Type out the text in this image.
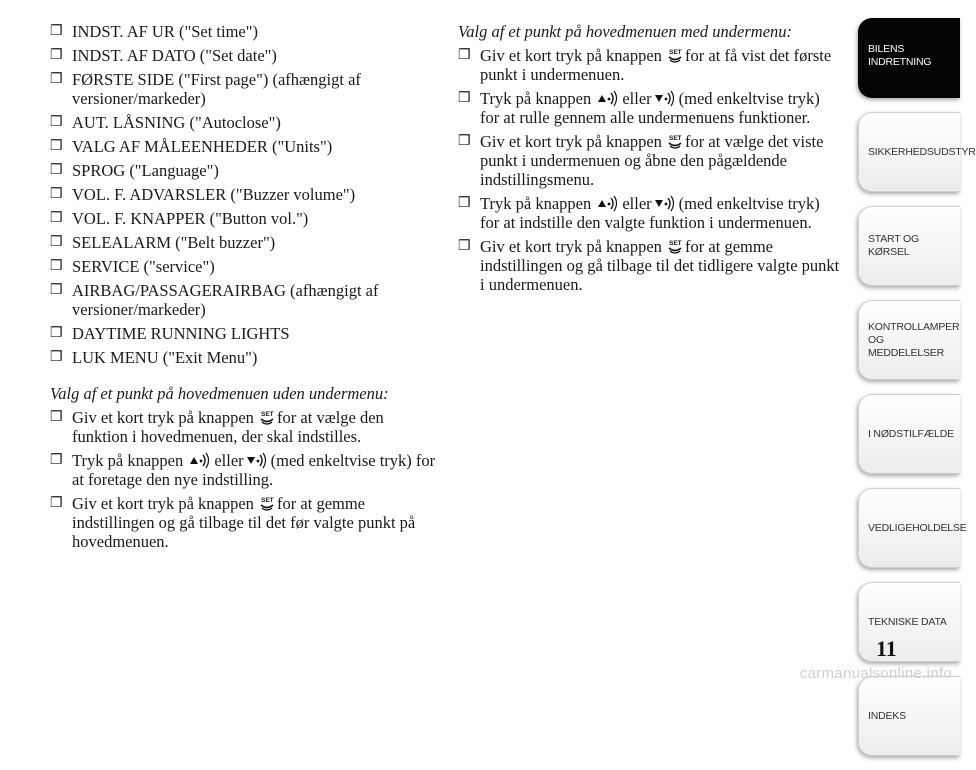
❒ INDST. AF UR ("Set time")
❒ INDST. AF DATO ("Set date")
❒ FØRSTE SIDE ("First page") (afhængigt af versioner/markeder)
❒ AUT. LÅSNING ("Autoclose")
❒ VALG AF MÅLEENHEDER ("Units")
❒ SPROG ("Language")
❒ VOL. F. ADVARSLER ("Buzzer volume")
❒ VOL. F. KNAPPER ("Button vol.")
❒ SELEALARM ("Belt buzzer")
❒ SERVICE ("service")
❒ AIRBAG/PASSAGERAIRBAG (afhængigt af versioner/markeder)
❒ DAYTIME RUNNING LIGHTS
❒ LUK MENU ("Exit Menu")
Valg af et punkt på hovedmenuen uden undermenu:
❒ Giv et kort tryk på knappen for at vælge den funktion i hovedmenuen, der skal indstilles.
❒ Tryk på knappen eller (med enkeltvise tryk) for at foretage den nye indstilling.
❒ Giv et kort tryk på knappen for at gemme indstillingen og gå tilbage til det før valgte punkt på hovedmenuen.
Valg af et punkt på hovedmenuen med undermenu:
❒ Giv et kort tryk på knappen for at få vist det første punkt i undermenuen.
❒ Tryk på knappen eller (med enkeltvise tryk) for at rulle gennem alle undermenuens funktioner.
❒ Giv et kort tryk på knappen for at vælge det viste punkt i undermenuen og åbne den pågældende indstillingsmenu.
❒ Tryk på knappen eller (med enkeltvise tryk) for at indstille den valgte funktion i undermenuen.
❒ Giv et kort tryk på knappen for at gemme indstillingen og gå tilbage til det tidligere valgte punkt i undermenuen.
BILENS
INDRETNING
SIKKERHEDSUDSTYR
START OG KØRSEL
KONTROLLAMPER
OG MEDDELELSER
I NØDSTILFÆLDE
VEDLIGEHOLDELSE
TEKNISKE DATA
INDEKS
11
carmanualsonline.info
